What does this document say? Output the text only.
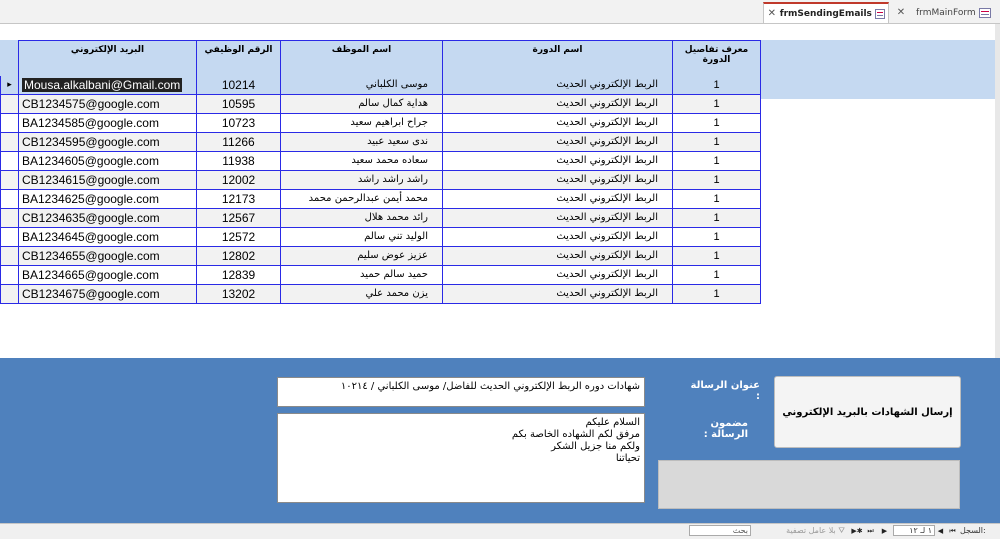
✕ frmSendingEmails ✕ frmMainForm
البريد الإلكتروني	الرقم الوظيفي	اسم الموظف	اسم الدورة	معرف تفاصيل الدورة
▸	Mousa.alkalbani@Gmail.com	10214	موسى الكلباني	الربط الإلكتروني الحديث	1
CB1234575@google.com	10595	هداية كمال سالم	الربط الإلكتروني الحديث	1
BA1234585@google.com	10723	جراح ابراهيم سعيد	الربط الإلكتروني الحديث	1
CB1234595@google.com	11266	ندى سعيد عبيد	الربط الإلكتروني الحديث	1
BA1234605@google.com	11938	سعاده محمد سعيد	الربط الإلكتروني الحديث	1
CB1234615@google.com	12002	راشد راشد راشد	الربط الإلكتروني الحديث	1
BA1234625@google.com	12173	محمد أيمن عبدالرحمن محمد	الربط الإلكتروني الحديث	1
CB1234635@google.com	12567	رائد محمد هلال	الربط الإلكتروني الحديث	1
BA1234645@google.com	12572	الوليد تني سالم	الربط الإلكتروني الحديث	1
CB1234655@google.com	12802	عزيز عوض سليم	الربط الإلكتروني الحديث	1
BA1234665@google.com	12839	حميد سالم حميد	الربط الإلكتروني الحديث	1
CB1234675@google.com	13202	يزن محمد علي	الربط الإلكتروني الحديث	1
عنوان الرسالة :
شهادات دوره الربط الإلكتروني الحديث للفاضل/ موسى الكلباني / ١٠٢١٤
مضمون الرسالة :
السلام عليكم
مرفق لكم الشهاده الخاصة بكم
ولكم منا جزيل الشكر
تحياتنا
إرسال الشهادات بالبريد الإلكتروني
السجل:
⏮
◀
١ لـ ١٢
▶
⏭
▶✱
⛛ بلا عامل تصفية
بحث
